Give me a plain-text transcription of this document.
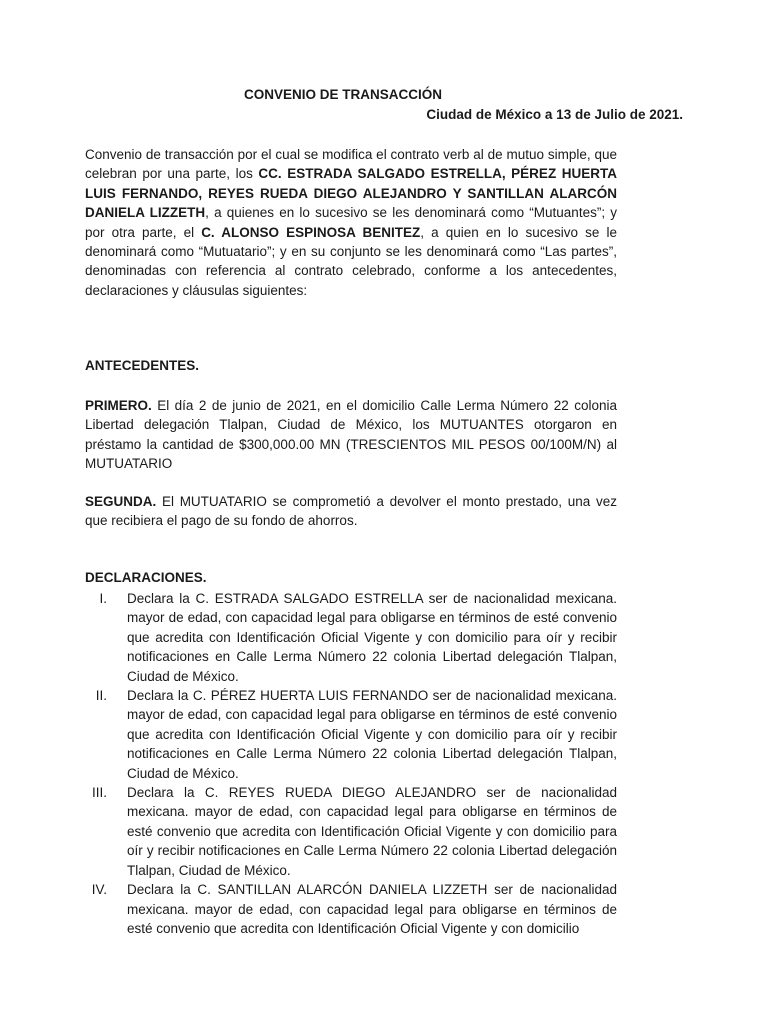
CONVENIO DE TRANSACCIÓN
Ciudad de México a 13 de Julio de 2021.
Convenio de transacción por el cual se modifica el contrato verb al de mutuo simple, que celebran por una parte, los CC. ESTRADA SALGADO ESTRELLA, PÉREZ HUERTA LUIS FERNANDO, REYES RUEDA DIEGO ALEJANDRO Y SANTILLAN ALARCÓN DANIELA LIZZETH, a quienes en lo sucesivo se les denominará como “Mutuantes”; y por otra parte, el C. ALONSO ESPINOSA BENITEZ, a quien en lo sucesivo se le denominará como “Mutuatario”; y en su conjunto se les denominará como “Las partes”, denominadas con referencia al contrato celebrado, conforme a los antecedentes, declaraciones y cláusulas siguientes:
ANTECEDENTES.
PRIMERO. El día 2 de junio de 2021, en el domicilio Calle Lerma Número 22 colonia Libertad delegación Tlalpan, Ciudad de México, los MUTUANTES otorgaron en préstamo la cantidad de $300,000.00 MN (TRESCIENTOS MIL PESOS 00/100M/N) al MUTUATARIO
SEGUNDA. El MUTUATARIO se comprometió a devolver el monto prestado, una vez que recibiera el pago de su fondo de ahorros.
DECLARACIONES.
I. Declara la C. ESTRADA SALGADO ESTRELLA ser de nacionalidad mexicana. mayor de edad, con capacidad legal para obligarse en términos de esté convenio que acredita con Identificación Oficial Vigente y con domicilio para oír y recibir notificaciones en Calle Lerma Número 22 colonia Libertad delegación Tlalpan, Ciudad de México.
II. Declara la C. PÉREZ HUERTA LUIS FERNANDO ser de nacionalidad mexicana. mayor de edad, con capacidad legal para obligarse en términos de esté convenio que acredita con Identificación Oficial Vigente y con domicilio para oír y recibir notificaciones en Calle Lerma Número 22 colonia Libertad delegación Tlalpan, Ciudad de México.
III. Declara la C. REYES RUEDA DIEGO ALEJANDRO ser de nacionalidad mexicana. mayor de edad, con capacidad legal para obligarse en términos de esté convenio que acredita con Identificación Oficial Vigente y con domicilio para oír y recibir notificaciones en Calle Lerma Número 22 colonia Libertad delegación Tlalpan, Ciudad de México.
IV. Declara la C. SANTILLAN ALARCÓN DANIELA LIZZETH ser de nacionalidad mexicana. mayor de edad, con capacidad legal para obligarse en términos de esté convenio que acredita con Identificación Oficial Vigente y con domicilio
